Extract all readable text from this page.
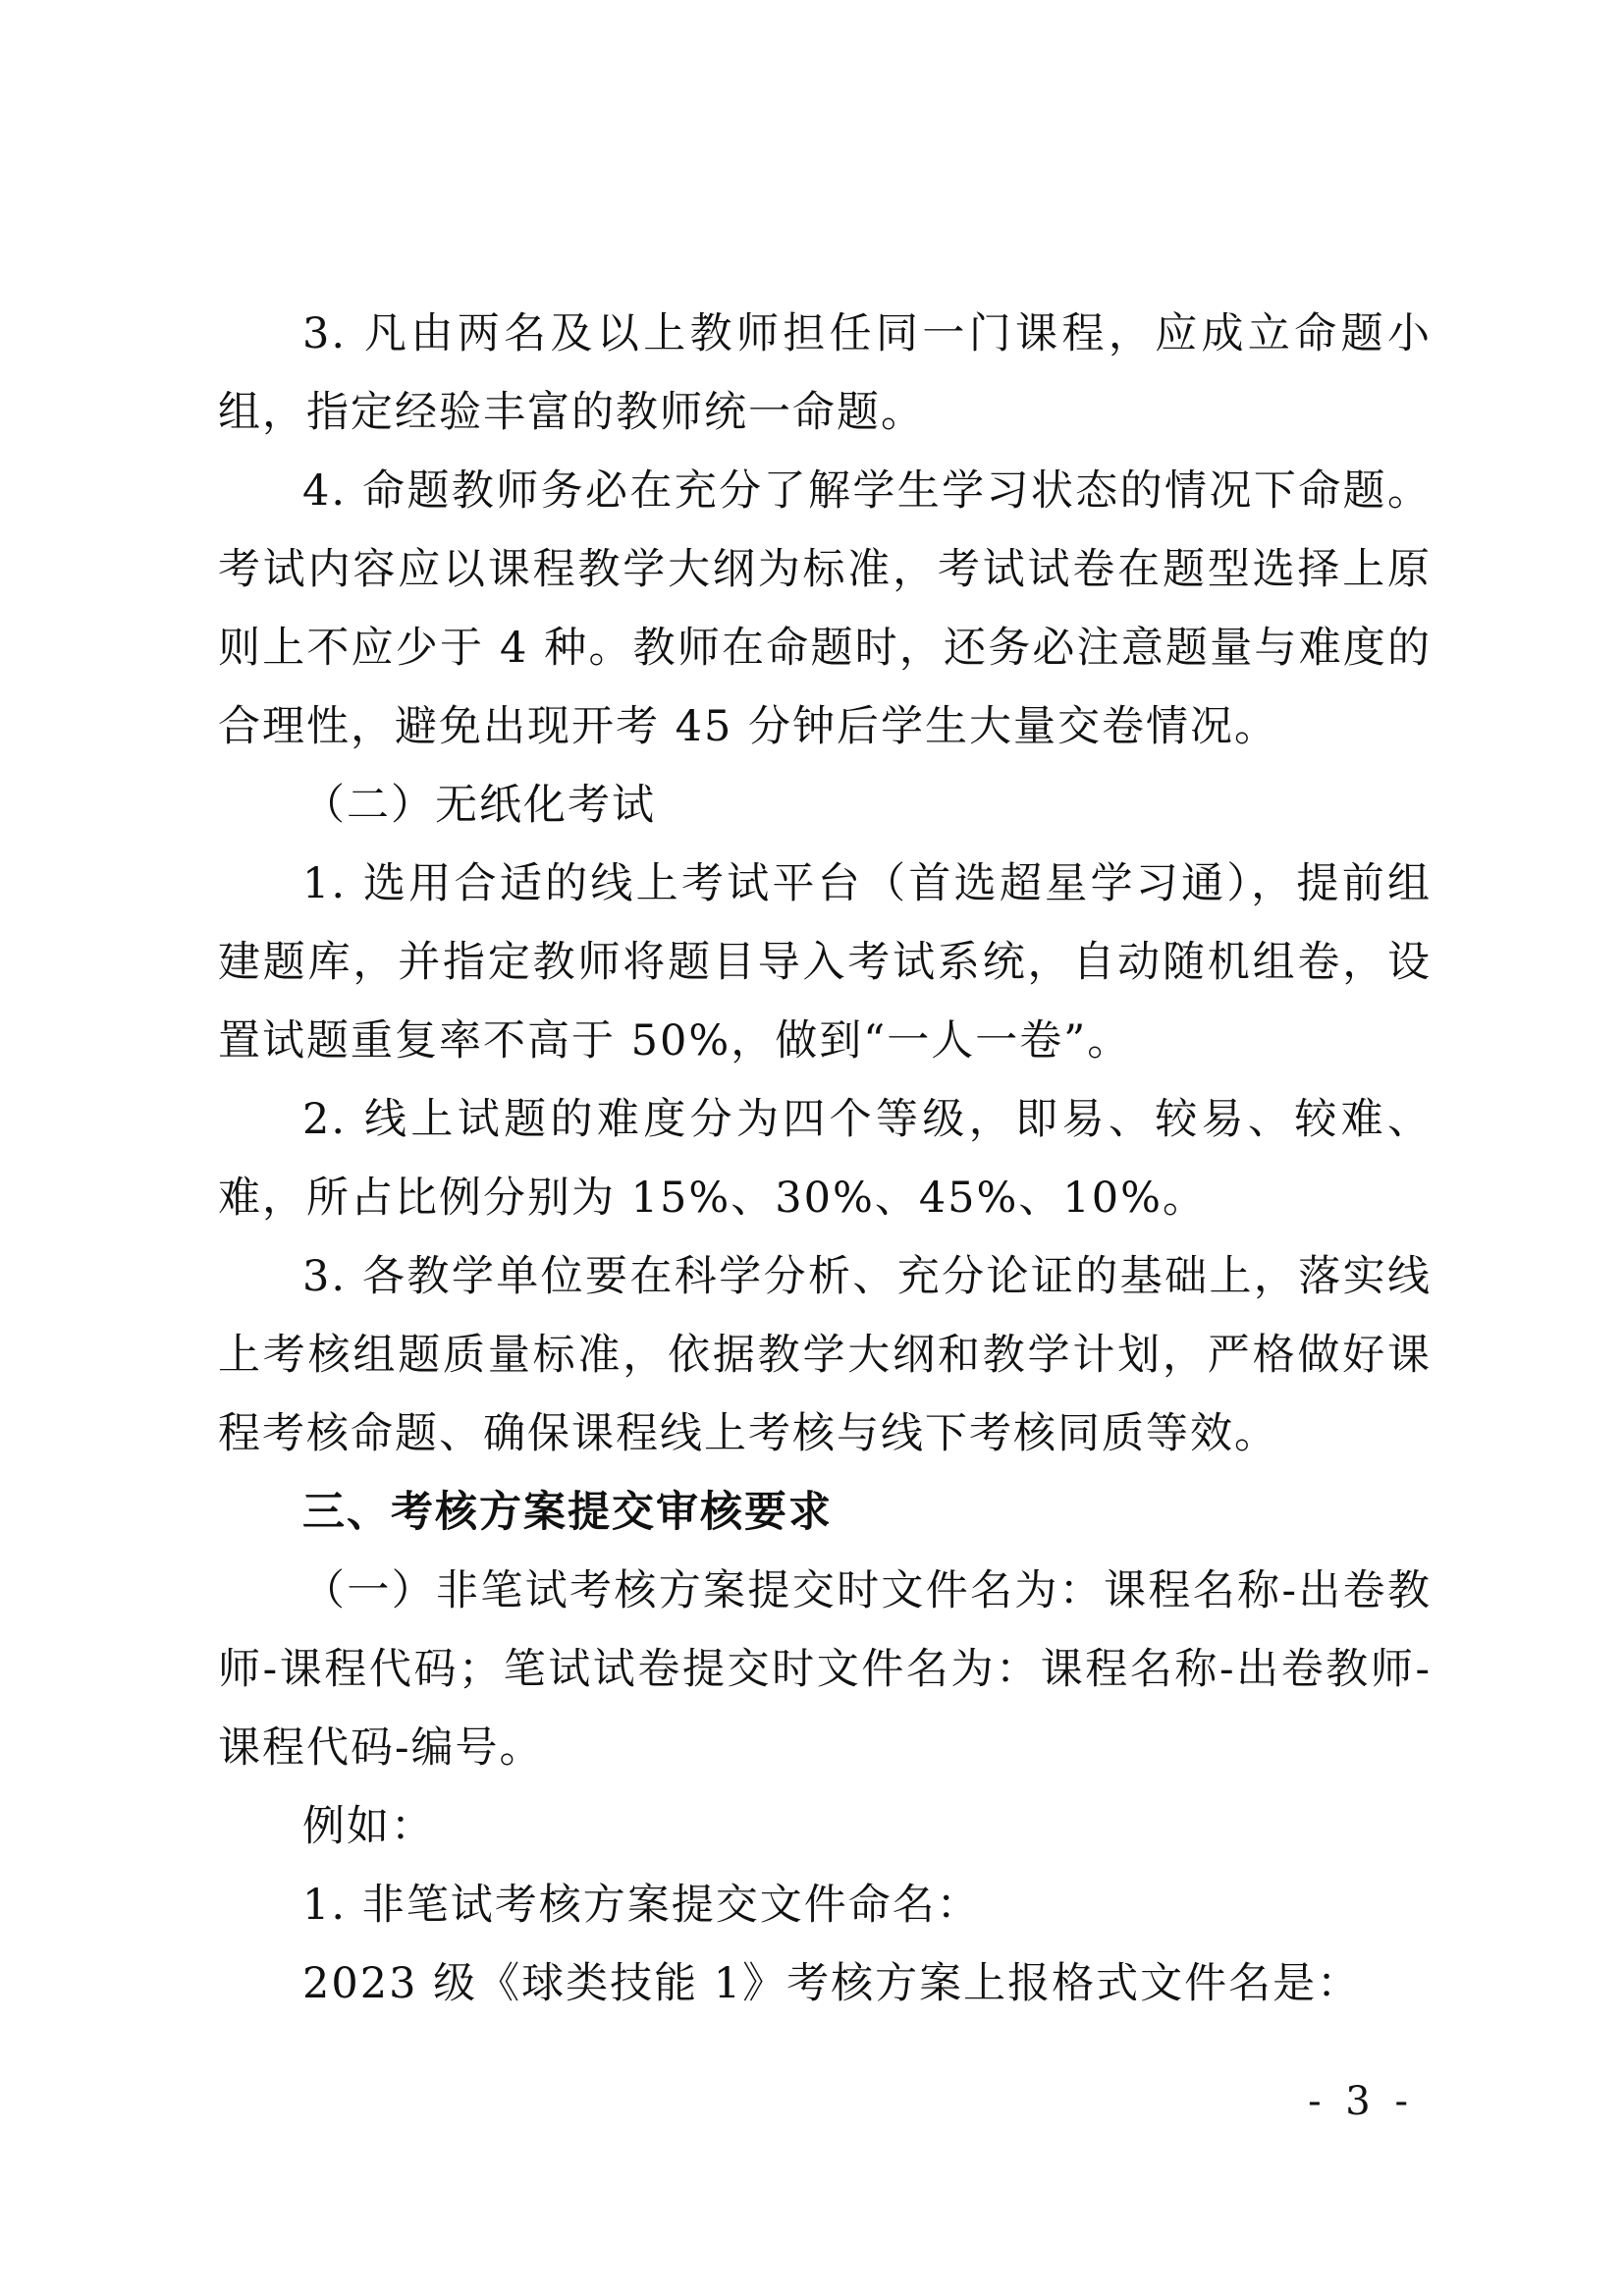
3. 凡由两名及以上教师担任同一门课程，应成立命题小组，指定经验丰富的教师统一命题。

4. 命题教师务必在充分了解学生学习状态的情况下命题。考试内容应以课程教学大纲为标准，考试试卷在题型选择上原则上不应少于 4 种。教师在命题时，还务必注意题量与难度的合理性，避免出现开考 45 分钟后学生大量交卷情况。

（二）无纸化考试

1. 选用合适的线上考试平台（首选超星学习通），提前组建题库，并指定教师将题目导入考试系统，自动随机组卷，设置试题重复率不高于 50%，做到“一人一卷”。

2. 线上试题的难度分为四个等级，即易、较易、较难、难，所占比例分别为 15%、30%、45%、10%。

3. 各教学单位要在科学分析、充分论证的基础上，落实线上考核组题质量标准，依据教学大纲和教学计划，严格做好课程考核命题、确保课程线上考核与线下考核同质等效。

三、考核方案提交审核要求

（一）非笔试考核方案提交时文件名为：课程名称-出卷教师-课程代码；笔试试卷提交时文件名为：课程名称-出卷教师-课程代码-编号。

例如：

1. 非笔试考核方案提交文件命名：

2023 级《球类技能 1》考核方案上报格式文件名是：

- 3 -
